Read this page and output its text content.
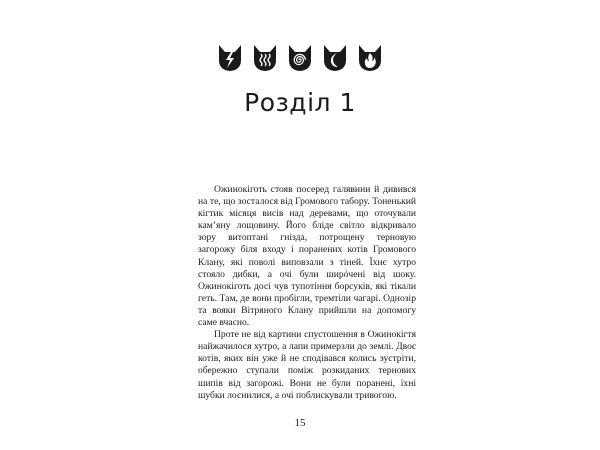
Розділ 1

Ожинокіготь стояв посеред галявини й дивився на те, що зосталося від Громового табору. Тоненький кігтик місяця висів над деревами, що оточували кам’яну лощовину. Його бліде світло відкривало зору витоптані гнізда, потрощену терновую загорожу біля входу і поранених котів Громового Клану, які поволі виповзали з тіней. Їхнє хутро стояло дибки, а очі були ширóчені від шоку. Ожинокіготь досі чув тупотіння борсуків, які тікали геть. Там, де вони пробігли, тремтіли чагарі. Однозір та вояки Вітряного Клану прийшли на допомогу саме вчасно.

Проте не від картини спустошення в Ожинокігтя найжачилося хутро, а лапи примерзли до землі. Двоє котів, яких він уже й не сподівався колись зустріти, обережно ступали поміж розкиданих тернових шипів від загорожі. Вони не були поранені, їхні шубки лоснилися, а очі поблискували тривогою.

15
